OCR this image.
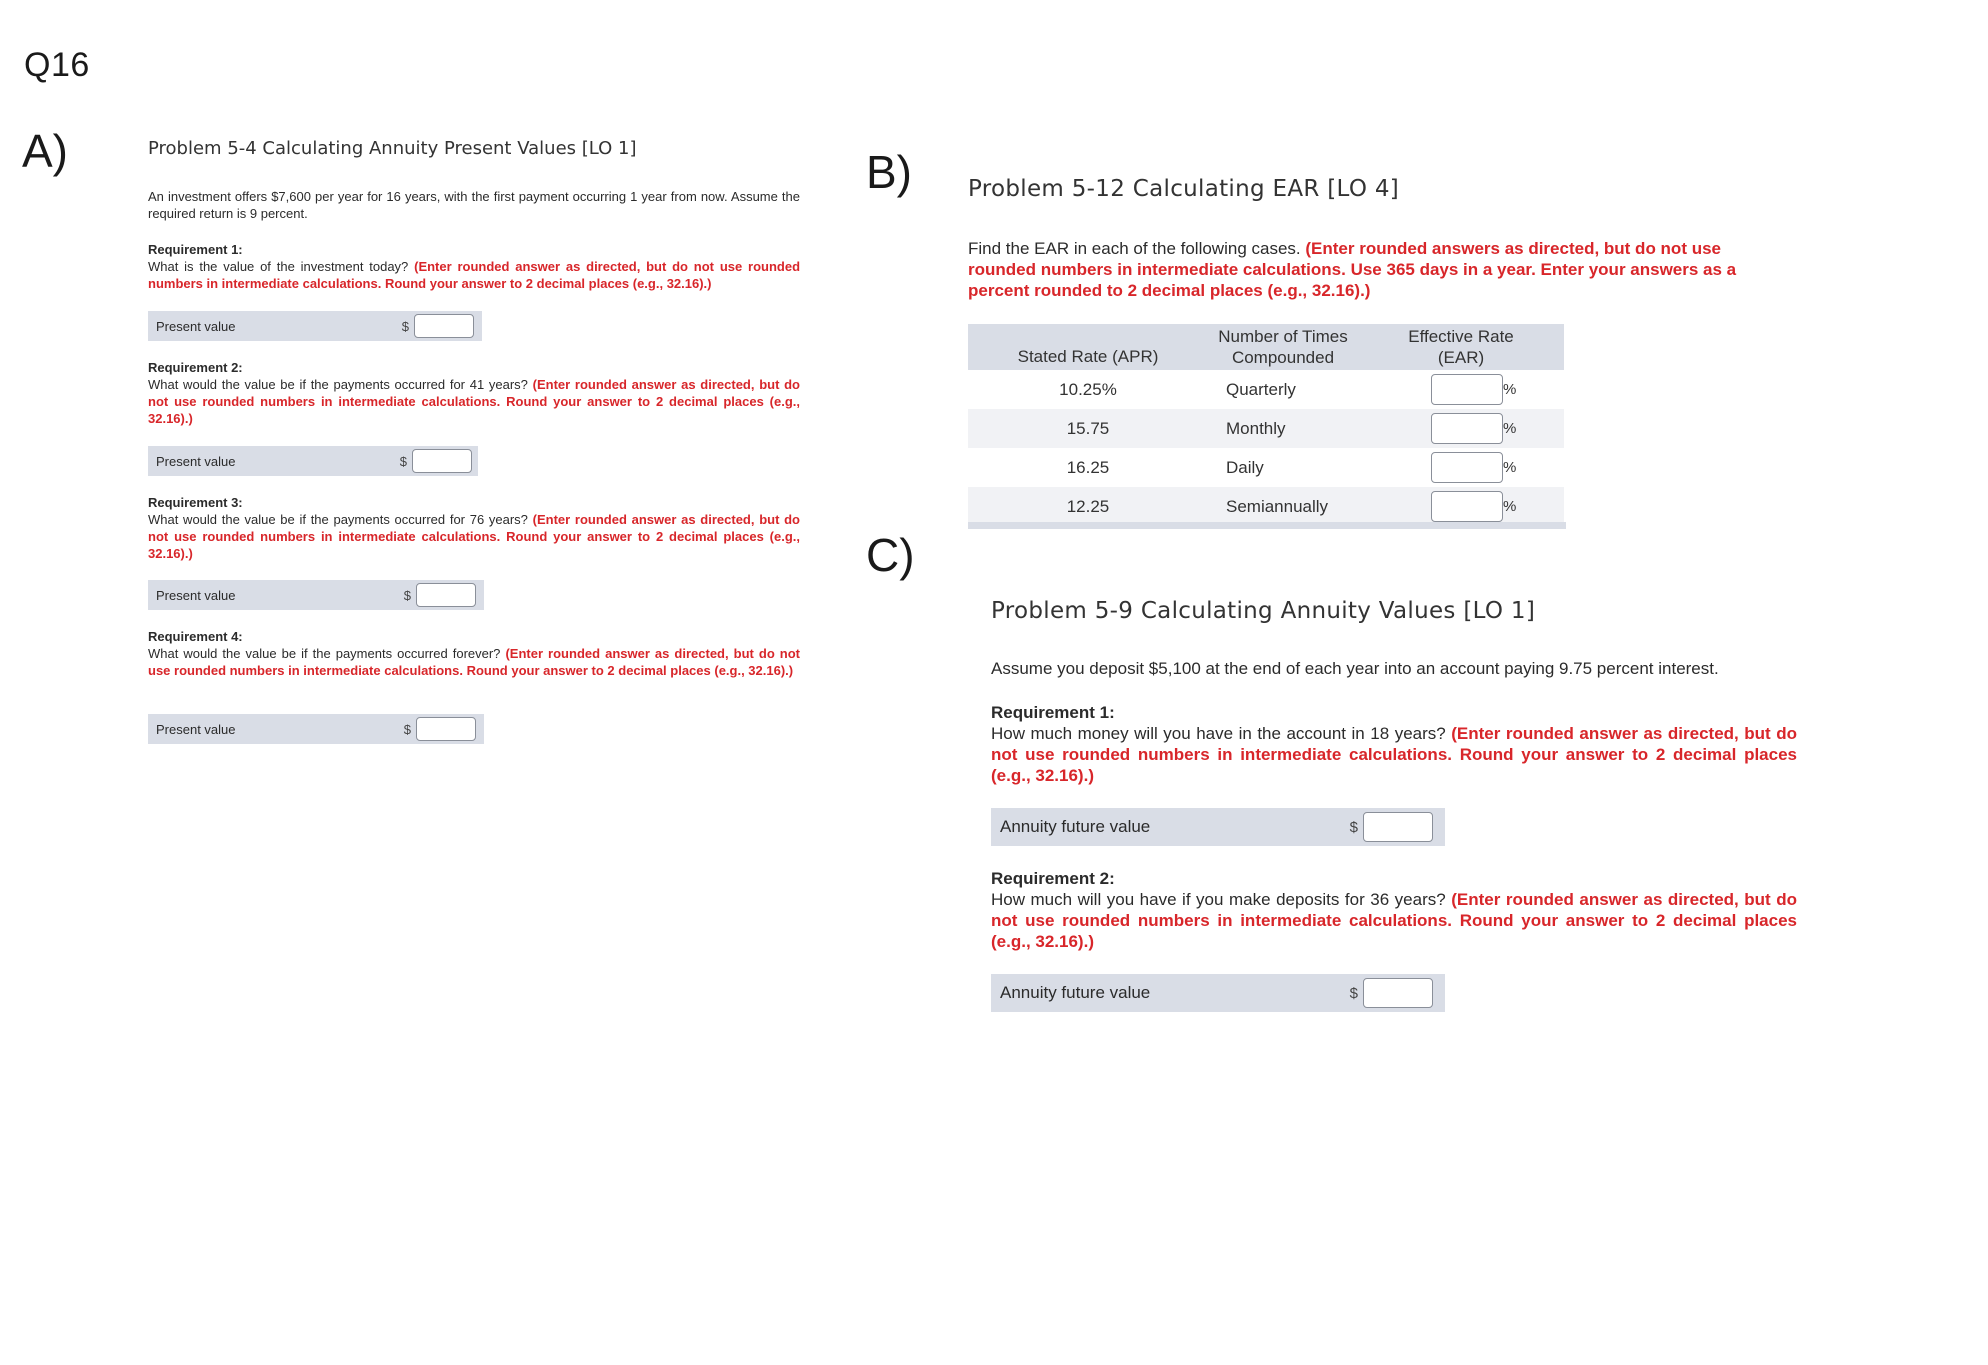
Q16
A)	Problem 5-4 Calculating Annuity Present Values [LO 1]
An investment offers $7,600 per year for 16 years, with the first payment occurring 1 year from now. Assume the required return is 9 percent.
Requirement 1:
What is the value of the investment today? (Enter rounded answer as directed, but do not use rounded numbers in intermediate calculations. Round your answer to 2 decimal places (e.g., 32.16).)
Present value	$
Requirement 2:
What would the value be if the payments occurred for 41 years? (Enter rounded answer as directed, but do not use rounded numbers in intermediate calculations. Round your answer to 2 decimal places (e.g., 32.16).)
Present value	$
Requirement 3:
What would the value be if the payments occurred for 76 years? (Enter rounded answer as directed, but do not use rounded numbers in intermediate calculations. Round your answer to 2 decimal places (e.g., 32.16).)
Present value	$
Requirement 4:
What would the value be if the payments occurred forever? (Enter rounded answer as directed, but do not use rounded numbers in intermediate calculations. Round your answer to 2 decimal places (e.g., 32.16).)
Present value	$
B) Problem 5-12 Calculating EAR [LO 4]
Find the EAR in each of the following cases. (Enter rounded answers as directed, but do not use rounded numbers in intermediate calculations. Use 365 days in a year. Enter your answers as a percent rounded to 2 decimal places (e.g., 32.16).)
Stated Rate (APR)	Number of Times Compounded	Effective Rate (EAR)

10.25%	Quarterly	%

15.75	Monthly	%

16.25	Daily	%

12.25	Semiannually	%
C)
Problem 5-9 Calculating Annuity Values [LO 1]
Assume you deposit $5,100 at the end of each year into an account paying 9.75 percent interest.
Requirement 1:
How much money will you have in the account in 18 years? (Enter rounded answer as directed, but do not use rounded numbers in intermediate calculations. Round your answer to 2 decimal places (e.g., 32.16).)
Annuity future value	$
Requirement 2:
How much will you have if you make deposits for 36 years? (Enter rounded answer as directed, but do not use rounded numbers in intermediate calculations. Round your answer to 2 decimal places (e.g., 32.16).)
Annuity future value	$
